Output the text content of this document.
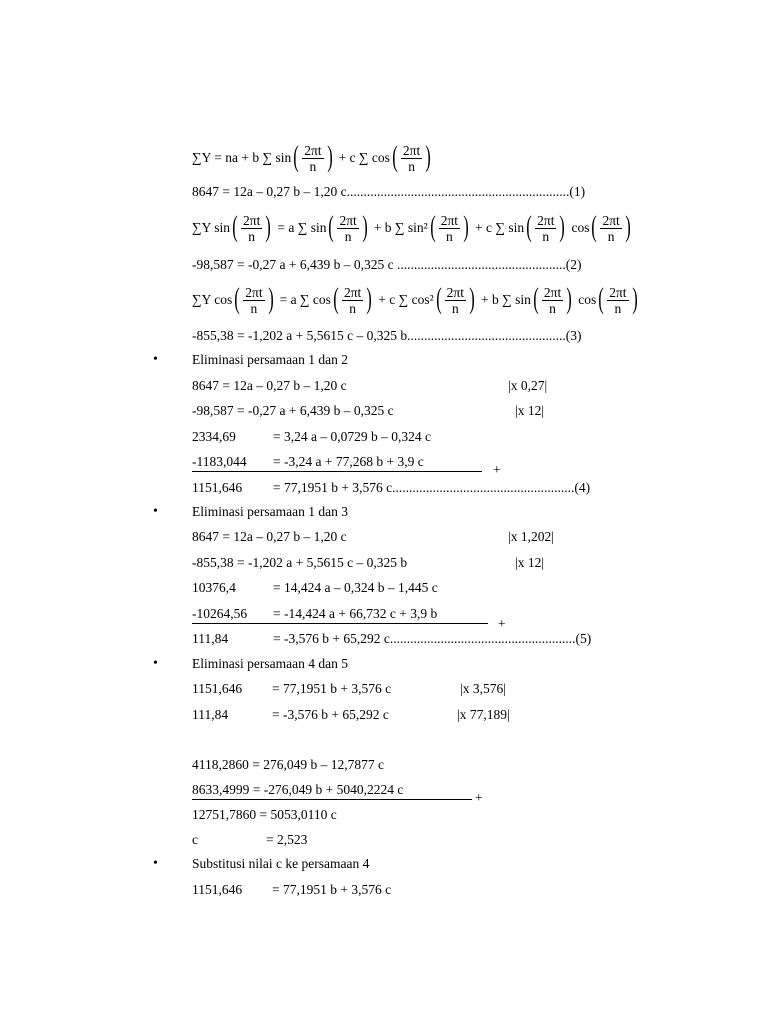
∑Y = na + b ∑ sin ( $\frac{2\pi t}{n}$ ) + c ∑ cos ( $\frac{2\pi t}{n}$ )
8647 = 12a – 0,27 b – 1,20 c..................................................................(1)
∑Y sin ( $\frac{2\pi t}{n}$ ) = a ∑ sin ( $\frac{2\pi t}{n}$ ) + b ∑ sin² ( $\frac{2\pi t}{n}$ ) + c ∑ sin ( $\frac{2\pi t}{n}$ ) cos ( $\frac{2\pi t}{n}$ )
-98,587 = -0,27 a + 6,439 b – 0,325 c ..................................................(2)
∑Y cos ( $\frac{2\pi t}{n}$ ) = a ∑ cos ( $\frac{2\pi t}{n}$ ) + c ∑ cos² ( $\frac{2\pi t}{n}$ ) + b ∑ sin ( $\frac{2\pi t}{n}$ ) cos ( $\frac{2\pi t}{n}$ )
-855,38 = -1,202 a + 5,5615 c – 0,325 b...............................................(3)
•	Eliminasi persamaan 1 dan 2
8647 = 12a – 0,27 b – 1,20 c	|x 0,27|
-98,587 = -0,27 a + 6,439 b – 0,325 c	|x 12|
2334,69	= 3,24 a – 0,0729 b – 0,324 c
-1183,044 = -3,24 a + 77,268 b + 3,9 c
+
1151,646 = 77,1951 b + 3,576 c......................................................(4)
•	Eliminasi persamaan 1 dan 3
8647 = 12a – 0,27 b – 1,20 c	|x 1,202|
-855,38 = -1,202 a + 5,5615 c – 0,325 b	|x 12|
10376,4	= 14,424 a – 0,324 b – 1,445 c
-10264,56 = -14,424 a + 66,732 c + 3,9 b
+
111,84	= -3,576 b + 65,292 c.......................................................(5)
•	Eliminasi persamaan 4 dan 5
1151,646 = 77,1951 b + 3,576 c	|x 3,576|
111,84	= -3,576 b + 65,292 c	|x 77,189|
4118,2860 = 276,049 b – 12,7877 c
8633,4999 = -276,049 b + 5040,2224 c
+
12751,7860 = 5053,0110 c
c	= 2,523
•	Substitusi nilai c ke persamaan 4
1151,646 = 77,1951 b + 3,576 c
